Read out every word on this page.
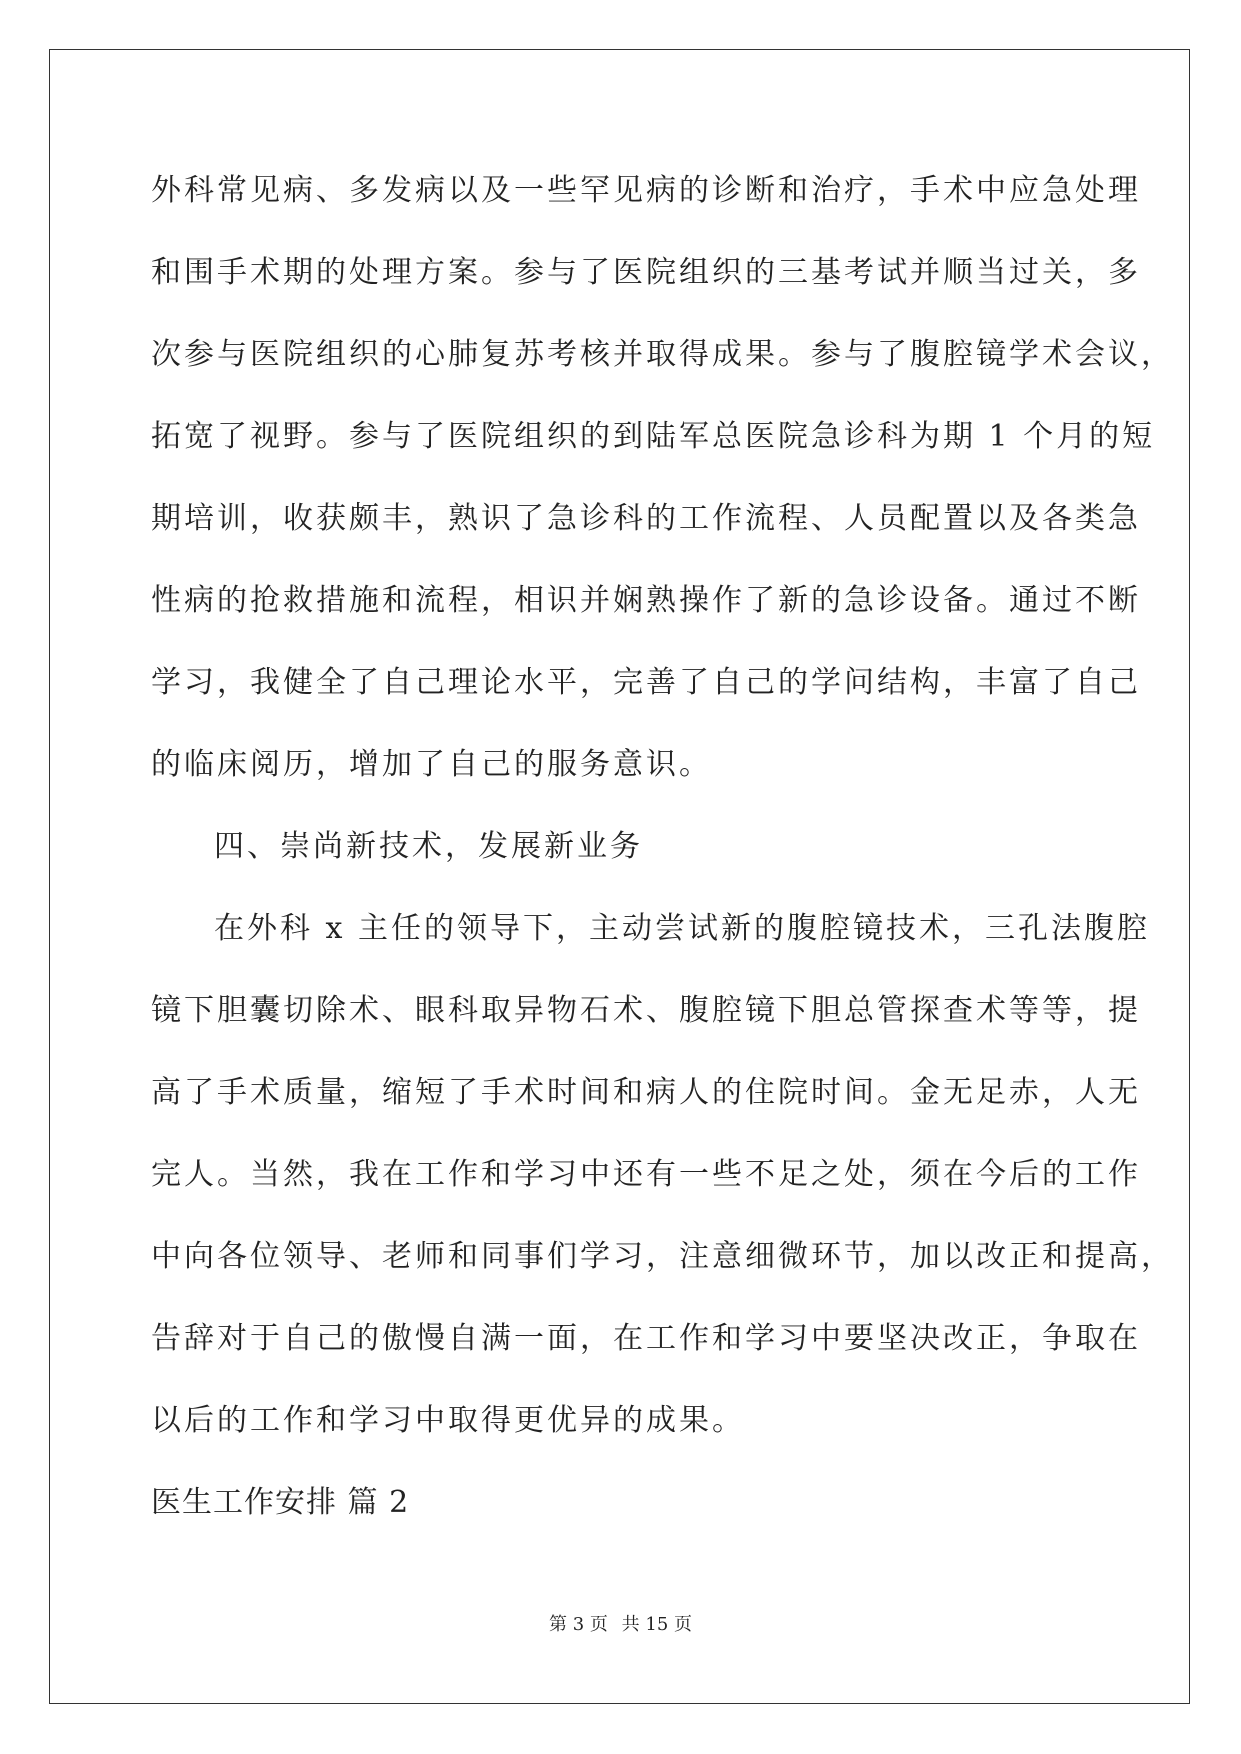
外科常见病、多发病以及一些罕见病的诊断和治疗，手术中应急处理
和围手术期的处理方案。参与了医院组织的三基考试并顺当过关，多
次参与医院组织的心肺复苏考核并取得成果。参与了腹腔镜学术会议，
拓宽了视野。参与了医院组织的到陆军总医院急诊科为期 1 个月的短
期培训，收获颇丰，熟识了急诊科的工作流程、人员配置以及各类急
性病的抢救措施和流程，相识并娴熟操作了新的急诊设备。通过不断
学习，我健全了自己理论水平，完善了自己的学问结构，丰富了自己
的临床阅历，增加了自己的服务意识。
四、崇尚新技术，发展新业务
在外科 x 主任的领导下，主动尝试新的腹腔镜技术，三孔法腹腔
镜下胆囊切除术、眼科取异物石术、腹腔镜下胆总管探查术等等，提
高了手术质量，缩短了手术时间和病人的住院时间。金无足赤，人无
完人。当然，我在工作和学习中还有一些不足之处，须在今后的工作
中向各位领导、老师和同事们学习，注意细微环节，加以改正和提高，
告辞对于自己的傲慢自满一面，在工作和学习中要坚决改正，争取在
以后的工作和学习中取得更优异的成果。
医生工作安排 篇 2
第 3 页 共 15 页
